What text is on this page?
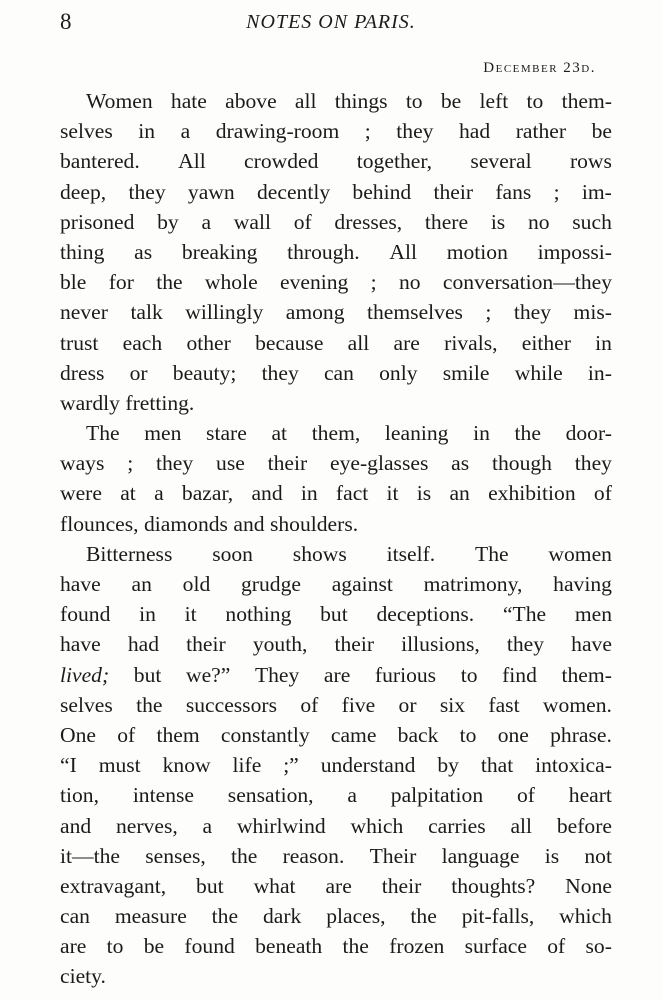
8	NOTES ON PARIS.
December 23d.
Women hate above all things to be left to them-
selves in a drawing-room ; they had rather be
bantered. All crowded together, several rows
deep, they yawn decently behind their fans ; im-
prisoned by a wall of dresses, there is no such
thing as breaking through. All motion impossi-
ble for the whole evening ; no conversation—they
never talk willingly among themselves ; they mis-
trust each other because all are rivals, either in
dress or beauty; they can only smile while in-
wardly
fretting.
The men stare at them, leaning in the door-
ways ; they use their eye-glasses as though they
were at a bazar, and in fact it is an exhibition of
flounces,
diamonds
and
shoulders.
Bitterness soon shows itself. The women
have an old grudge against matrimony, having
found in it nothing but deceptions. “The men
have had their youth, their illusions, they have
lived; but we?” They are furious to find them-
selves the successors of five or six fast women.
One of them constantly came back to one phrase.
“I must know life ;” understand by that intoxica-
tion, intense sensation, a palpitation of heart
and nerves, a whirlwind which carries all before
it—the senses, the reason. Their language is not
extravagant, but what are their thoughts? None
can measure the dark places, the pit-falls, which
are to be found beneath the frozen surface of so-
ciety.
